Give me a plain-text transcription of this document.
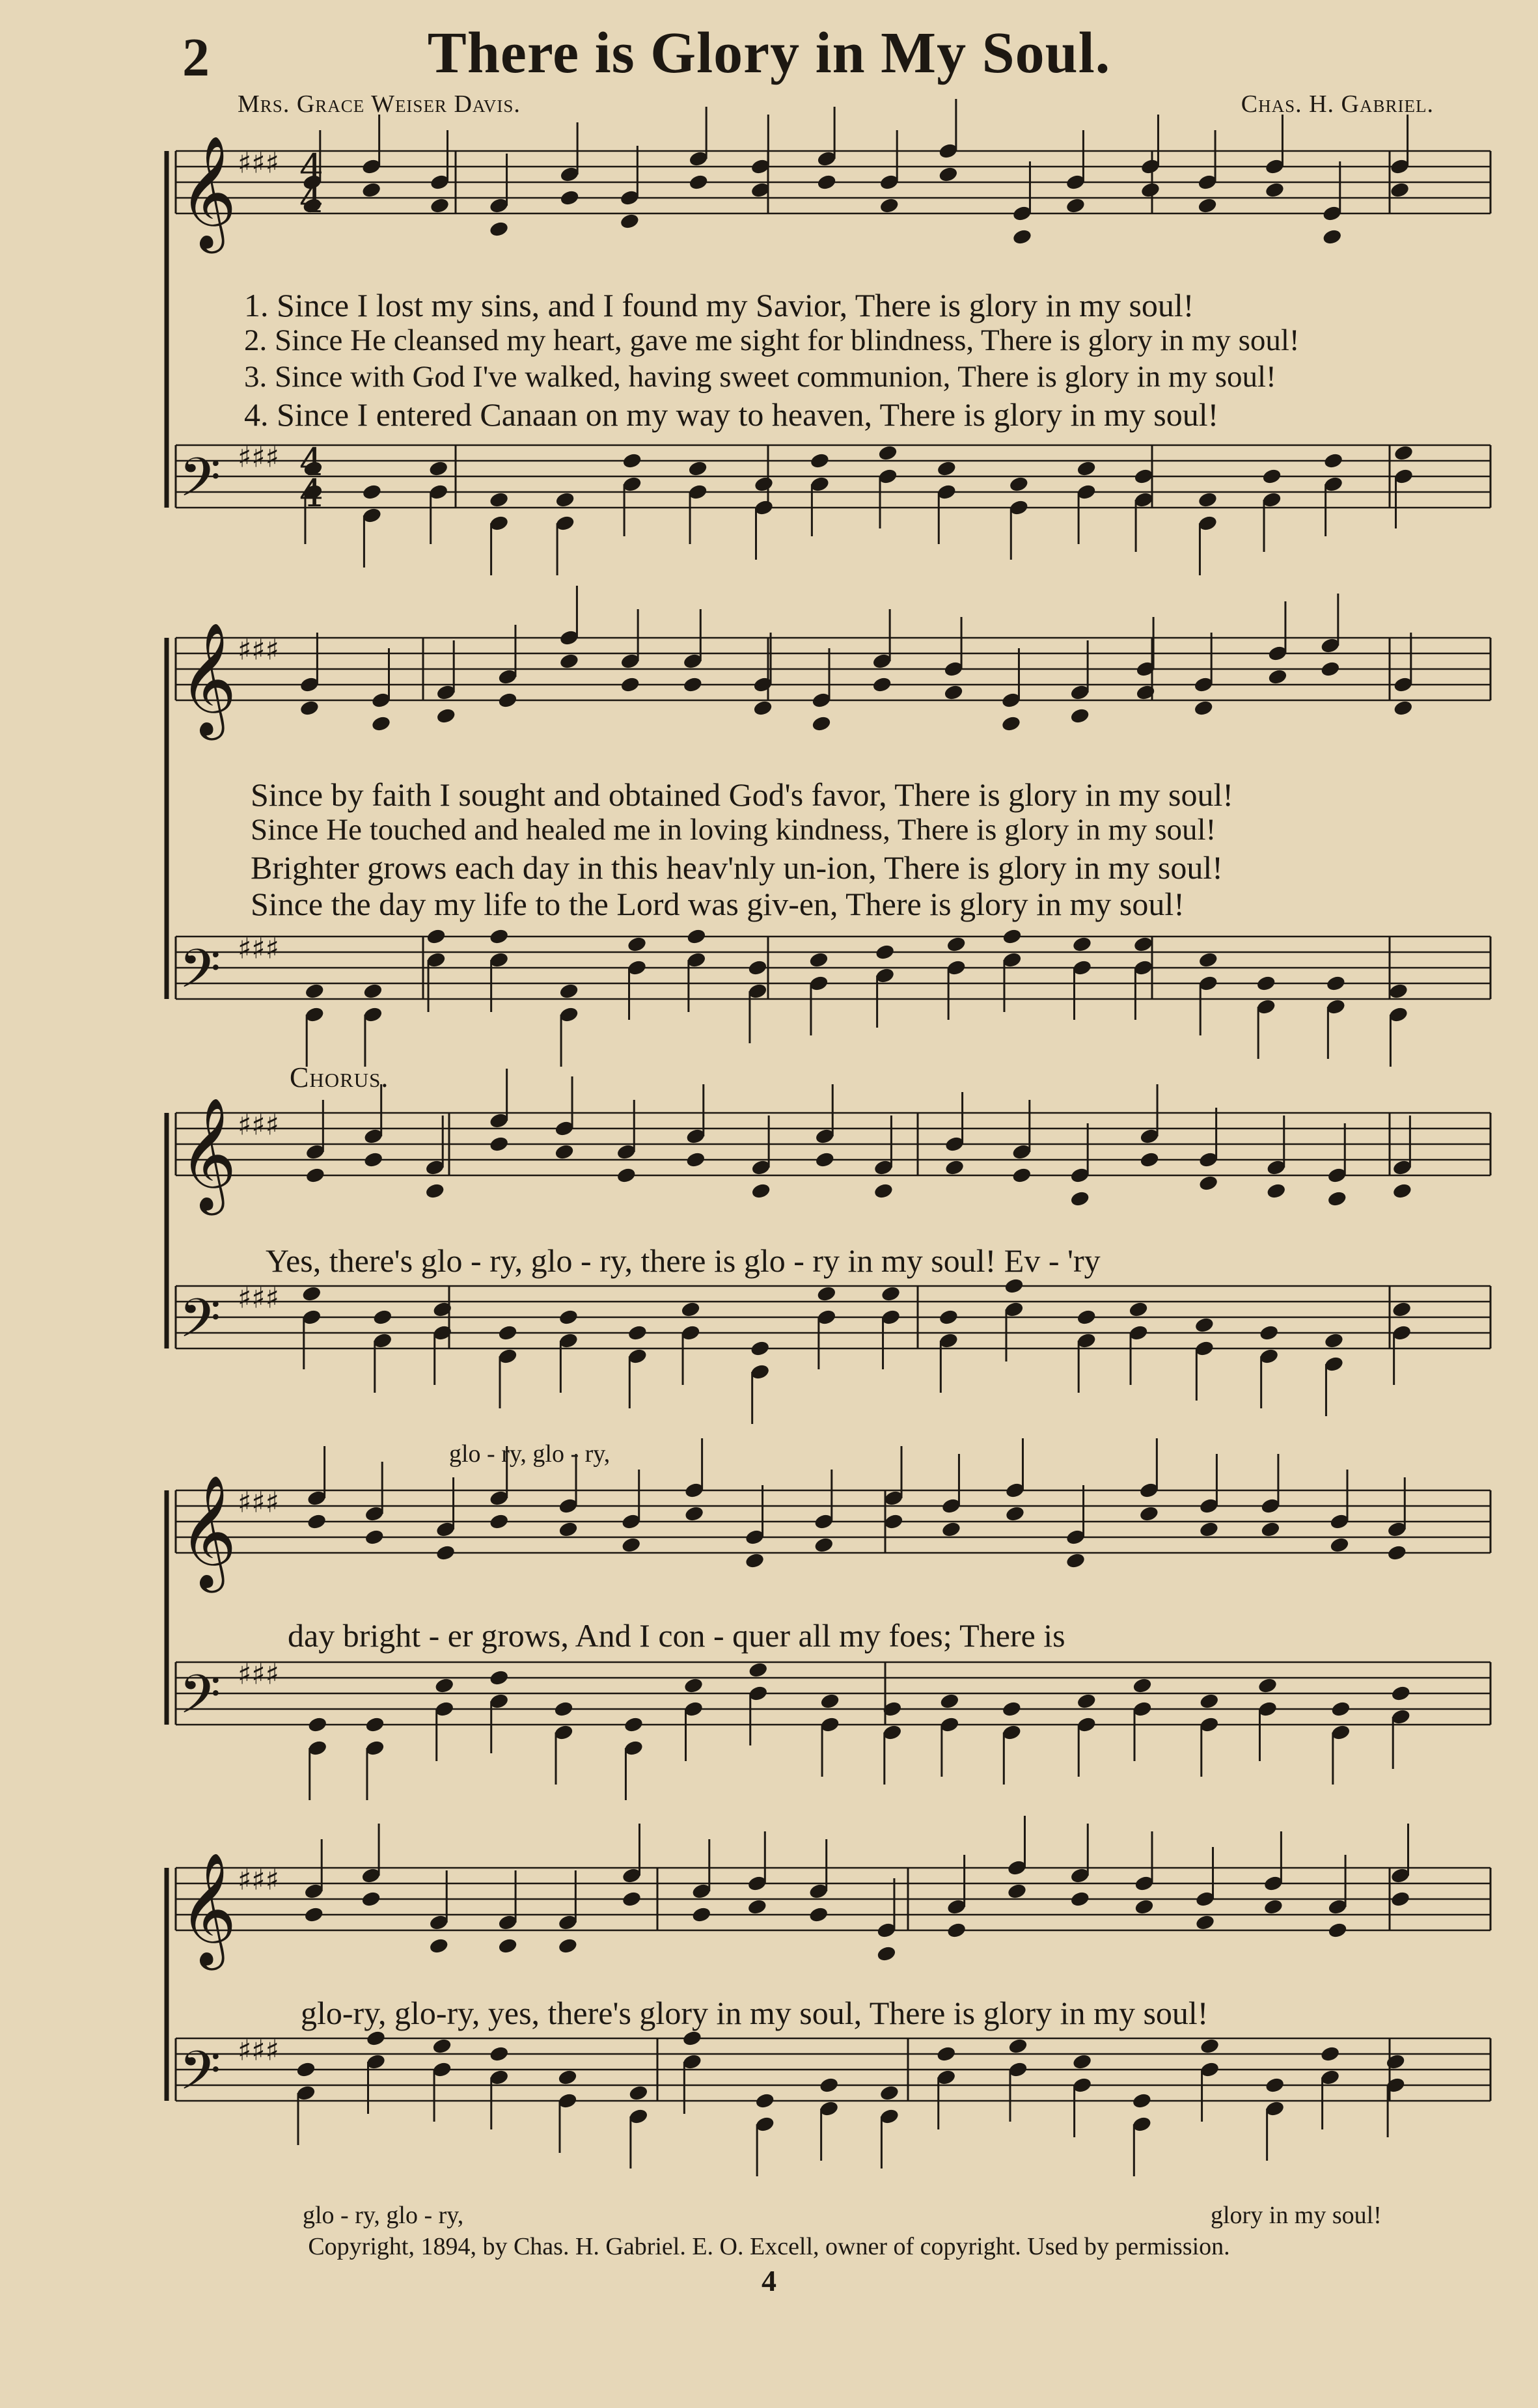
𝄞 ♯♯♯
𝄢 ♯♯♯
𝄞 ♯♯♯
𝄢 ♯♯♯
𝄞 ♯♯♯
𝄢 ♯♯♯
𝄞 ♯♯♯
𝄢 ♯♯♯
𝄞 ♯♯♯
𝄢 ♯♯♯
4
4
4
4
2	There is Glory in My Soul.
Mrs. Grace Weiser Davis.	Chas. H. Gabriel.
1. Since I lost my sins, and I found my Savior, There is glory in my soul!
2. Since He cleansed my heart, gave me sight for blindness, There is glory in my soul!
3. Since with God I've walked, having sweet communion, There is glory in my soul!
4. Since I entered Canaan on my way to heaven, There is glory in my soul!
Since by faith I sought and obtained God's favor, There is glory in my soul!
Since He touched and healed me in loving kindness, There is glory in my soul!
Brighter grows each day in this heav'nly un-ion, There is glory in my soul!
Since the day my life to the Lord was giv-en, There is glory in my soul!
Chorus.
Yes, there's glo - ry, glo - ry, there is glo - ry in my soul! Ev - 'ry
glo - ry, glo - ry,
day bright - er grows, And I con - quer all my foes; There is
glo-ry, glo-ry, yes, there's glory in my soul, There is glory in my soul!
glo - ry, glo - ry,	glory in my soul!
Copyright, 1894, by Chas. H. Gabriel. E. O. Excell, owner of copyright. Used by permission.
4
